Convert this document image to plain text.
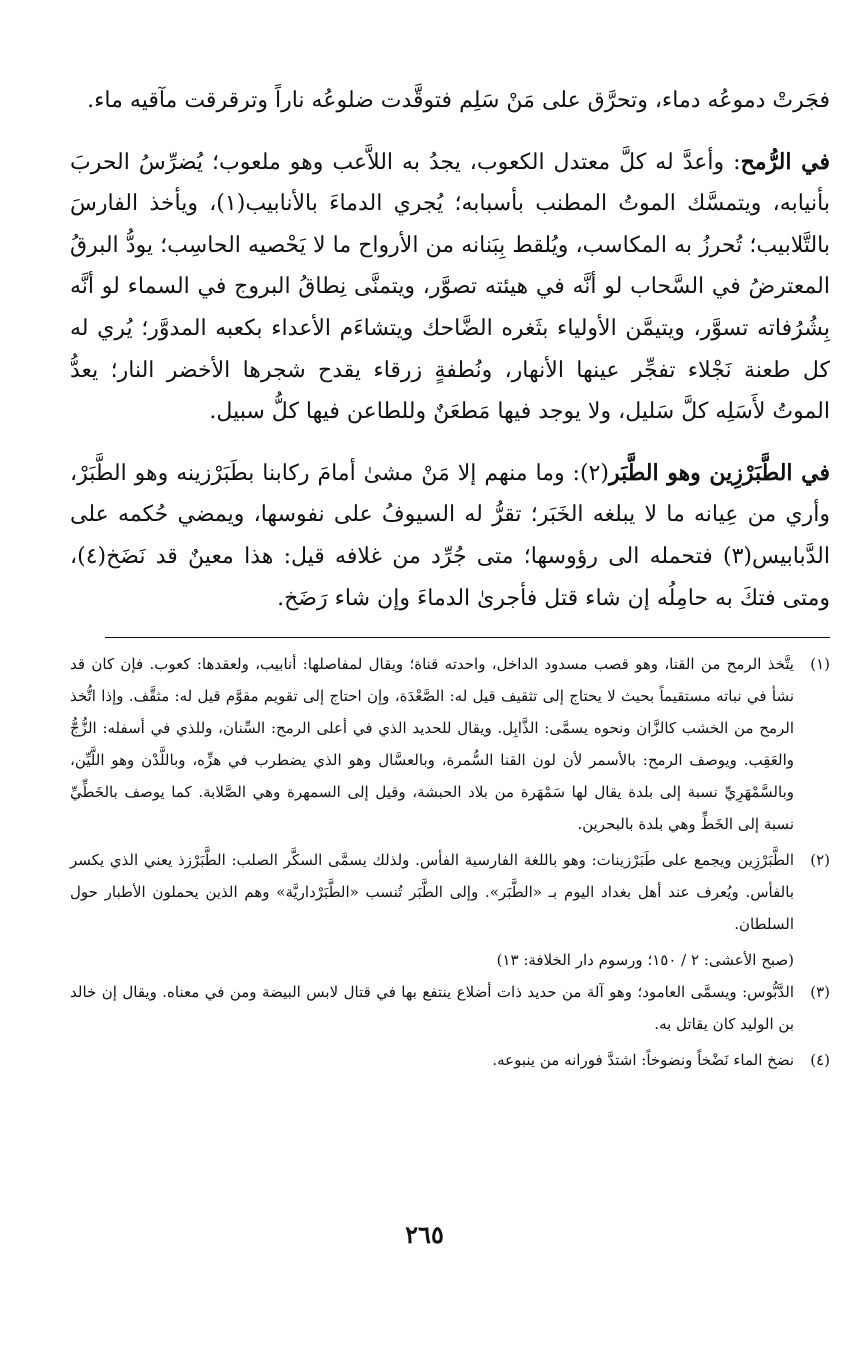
فجَرتْ دموعُه دماء، وتحرَّق على مَنْ سَلِم فتوقَّدت ضلوعُه ناراً وترقرقت مآقيه ماء.

في الرُّمح: وأعدَّ له كلَّ معتدل الكعوب، يجدُ به اللاَّعب وهو ملعوب؛ يُضرِّسُ الحربَ بأنيابه، ويتمسَّك الموتُ المطنب بأسبابه؛ يُجري الدماءَ بالأنابيب(١)، ويأخذ الفارسَ بالتَّلابيب؛ تُحرزُ به المكاسب، ويُلقط بِبَنانه من الأرواح ما لا يَحْصيه الحاسِب؛ يودُّ البرقُ المعترضُ في السَّحاب لو أنَّه في هيئته تصوَّر، ويتمنَّى نِطاقُ البروج في السماء لو أنَّه بِشُرُفاته تسوَّر، ويتيمَّن الأولياء بثَغره الضَّاحك ويتشاءَم الأعداء بكعبه المدوَّر؛ يُري له كل طعنة نَجْلاء تفجِّر عينها الأنهار، ونُطفةٍ زرقاء يقدح شجرها الأخضر النار؛ يعدُّ الموتُ لأَسَلِه كلَّ سَليل، ولا يوجد فيها مَطعَنٌ وللطاعن فيها كلُّ سبيل.

في الطَّبَرْزِين وهو الطَّبَر(٢): وما منهم إلا مَنْ مشىٰ أمامَ ركابنا بطَبَرْزينه وهو الطَّبَرْ، وأري من عِيانه ما لا يبلغه الخَبَر؛ تقرُّ له السيوفُ على نفوسها، ويمضي حُكمه على الدَّبابيس(٣) فتحمله الى رؤوسها؛ متى جُرِّد من غلافه قيل: هذا معينٌ قد نَضَخ(٤)، ومتى فتكَ به حامِلُه إن شاء قتل فأجرىٰ الدماءَ وإن شاء رَضَخ.

(١)
يتَّخذ الرمح من القنا، وهو قصب مسدود الداخل، واحدته قناة؛ ويقال لمفاصلها: أنابيب، ولعقدها: كعوب. فإن كان قد نشأ في نباته مستقيماً بحيث لا يحتاج إلى تثقيف قيل له: الصَّعْدَة، وإن احتاج إلى تقويم مقوَّم قيل له: مثقَّف. وإذا اتُّخذ الرمح من الخشب كالزَّان ونحوه يسمَّى: الذَّابِل. ويقال للحديد الذي في أعلى الرمح: السِّنان، وللذي في أسفله: الزُّجُّ والعَقِب. ويوصف الرمح: بالأسمر لأن لون القنا السُّمرة، وبالعسَّال وهو الذي يضطرب في هزِّه، وباللَّدْن وهو اللَّيِّن، وبالسَّمْهَرِيِّ نسبة إلى بلدة يقال لها سَمْهَرة من بلاد الحبشة، وقيل إلى السمهرة وهي الصَّلابة. كما يوصف بالخَطِّيِّ نسبة إلى الخَطِّ وهي بلدة بالبحرين.
(٢)
الطَّبَرْزِين ويجمع على طَبَرْزينات: وهو باللغة الفارسية الفأس. ولذلك يسمَّى السكَّر الصلب: الطَّبَرْزذ يعني الذي يكسر بالفأس. ويُعرف عند أهل بغداد اليوم بـ «الطَّبَر». وإلى الطَّبَر تُنسب «الطَّبَرْداريَّة» وهم الذين يحملون الأطبار حول السلطان.
(صبح الأعشى: ٢ / ١٥٠؛ ورسوم دار الخلافة: ١٣)
(٣)
الدَّبُّوس: ويسمَّى العامود؛ وهو آلة من حديد ذات أضلاع ينتفع بها في قتال لابس البيضة ومن في معناه. ويقال إن خالد بن الوليد كان يقاتل به.
(٤)
نضخ الماء نَضْخاً ونضوخاً: اشتدَّ فورانه من ينبوعه.
٢٦٥
